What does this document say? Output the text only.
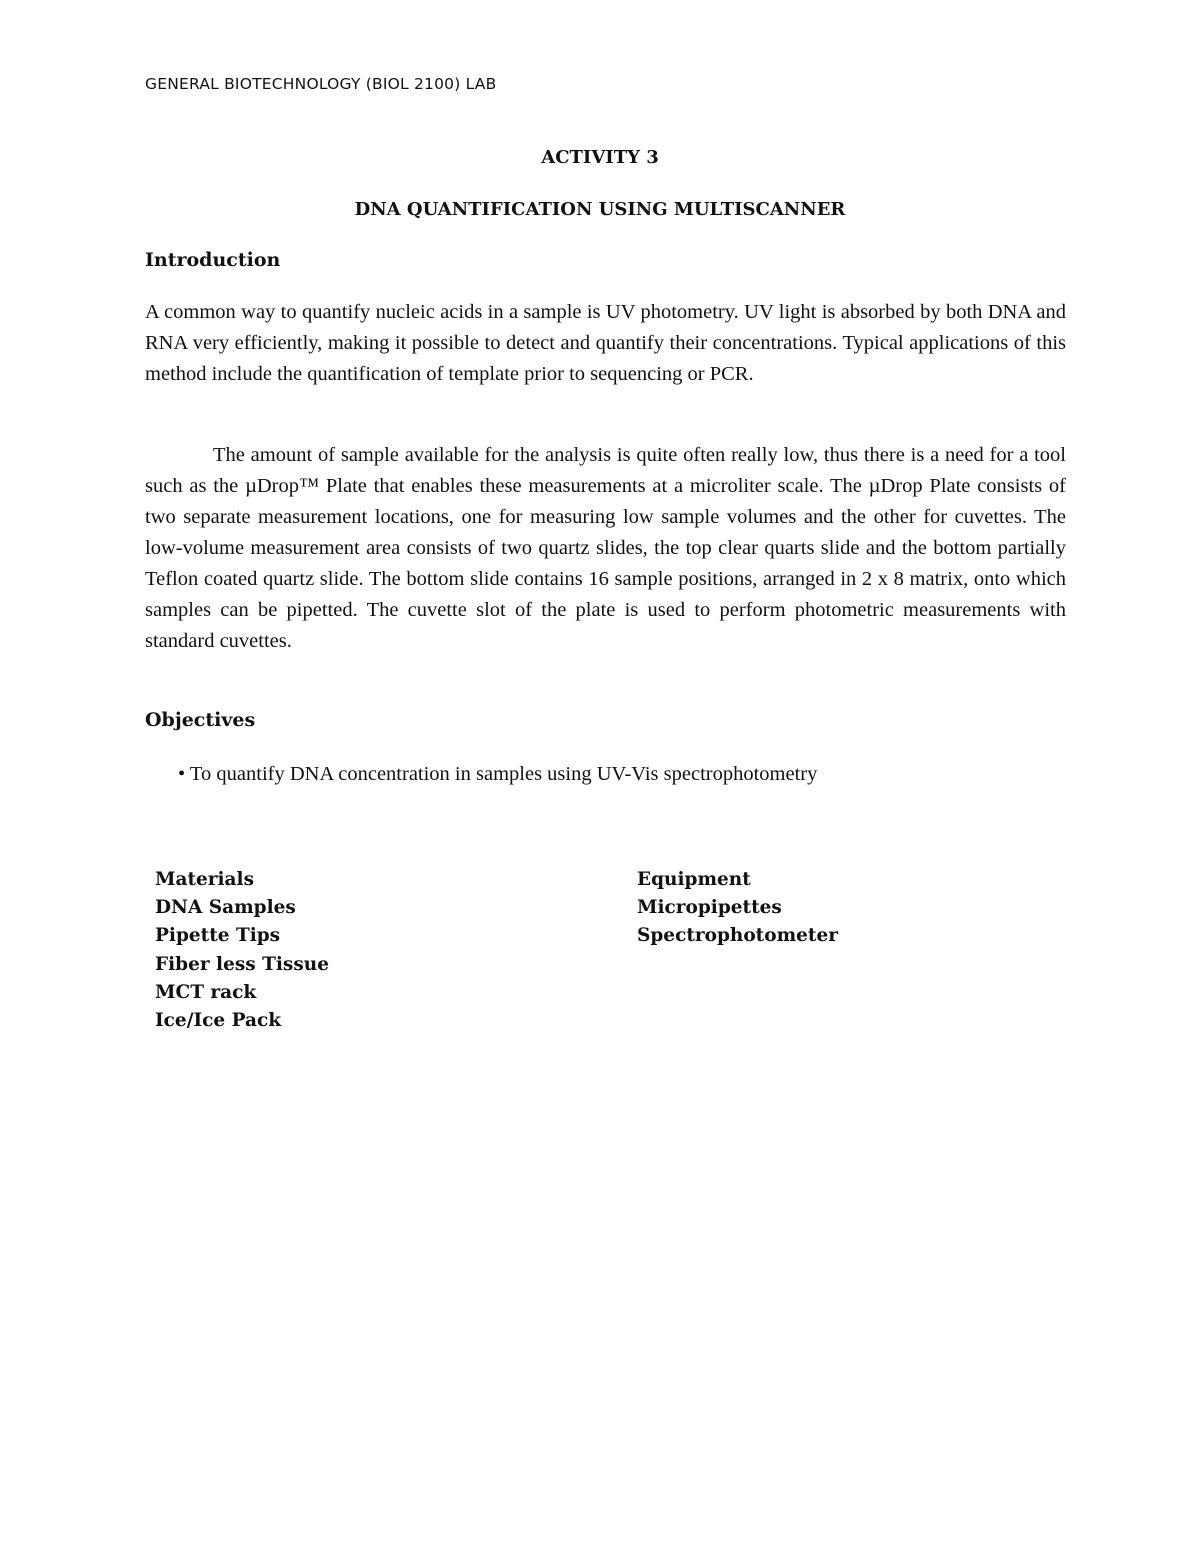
GENERAL BIOTECHNOLOGY (BIOL 2100) LAB
ACTIVITY 3
DNA QUANTIFICATION USING MULTISCANNER
Introduction
A common way to quantify nucleic acids in a sample is UV photometry. UV light is absorbed by both DNA and RNA very efficiently, making it possible to detect and quantify their concentrations. Typical applications of this method include the quantification of template prior to sequencing or PCR.
The amount of sample available for the analysis is quite often really low, thus there is a need for a tool such as the µDrop™ Plate that enables these measurements at a microliter scale. The µDrop Plate consists of two separate measurement locations, one for measuring low sample volumes and the other for cuvettes. The low-volume measurement area consists of two quartz slides, the top clear quarts slide and the bottom partially Teflon coated quartz slide. The bottom slide contains 16 sample positions, arranged in 2 x 8 matrix, onto which samples can be pipetted. The cuvette slot of the plate is used to perform photometric measurements with standard cuvettes.
Objectives
• To quantify DNA concentration in samples using UV-Vis spectrophotometry
Materials
DNA Samples
Pipette Tips
Fiber less Tissue
MCT rack
Ice/Ice Pack
Equipment
Micropipettes
Spectrophotometer
